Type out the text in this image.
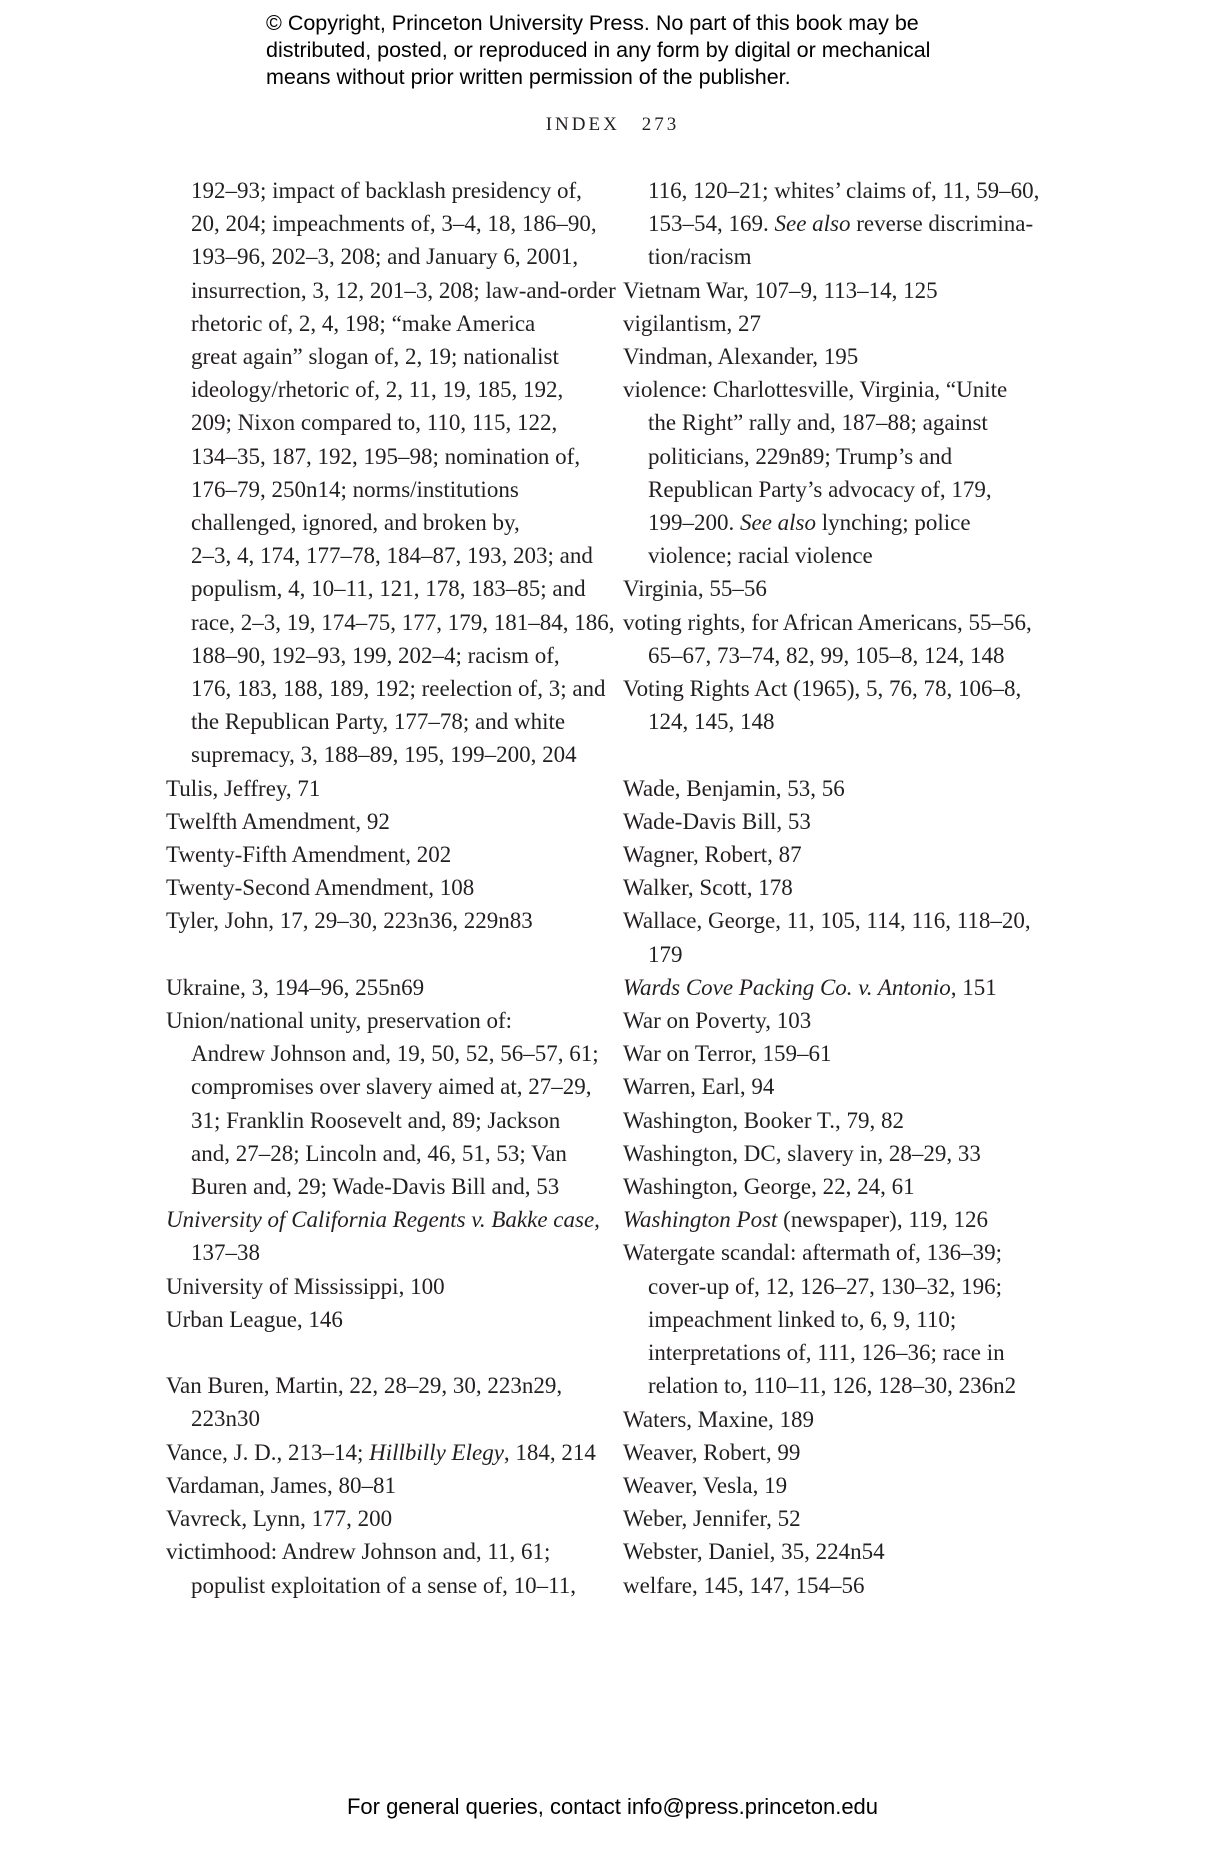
© Copyright, Princeton University Press. No part of this book may be
distributed, posted, or reproduced in any form by digital or mechanical
means without prior written permission of the publisher.
INDEX 273
192–93; impact of backlash presidency of,
20, 204; impeachments of, 3–4, 18, 186–90,
193–96, 202–3, 208; and January 6, 2001,
insurrection, 3, 12, 201–3, 208; law-and-order
rhetoric of, 2, 4, 198; “make America
great again” slogan of, 2, 19; nationalist
ideology/rhetoric of, 2, 11, 19, 185, 192,
209; Nixon compared to, 110, 115, 122,
134–35, 187, 192, 195–98; nomination of,
176–79, 250n14; norms/institutions
challenged, ignored, and broken by,
2–3, 4, 174, 177–78, 184–87, 193, 203; and
populism, 4, 10–11, 121, 178, 183–85; and
race, 2–3, 19, 174–75, 177, 179, 181–84, 186,
188–90, 192–93, 199, 202–4; racism of,
176, 183, 188, 189, 192; reelection of, 3; and
the Republican Party, 177–78; and white
supremacy, 3, 188–89, 195, 199–200, 204
Tulis, Jeffrey, 71
Twelfth Amendment, 92
Twenty-Fifth Amendment, 202
Twenty-Second Amendment, 108
Tyler, John, 17, 29–30, 223n36, 229n83
Ukraine, 3, 194–96, 255n69
Union/national unity, preservation of:
Andrew Johnson and, 19, 50, 52, 56–57, 61;
compromises over slavery aimed at, 27–29,
31; Franklin Roosevelt and, 89; Jackson
and, 27–28; Lincoln and, 46, 51, 53; Van
Buren and, 29; Wade-Davis Bill and, 53
University of California Regents v. Bakke case,
137–38
University of Mississippi, 100
Urban League, 146
Van Buren, Martin, 22, 28–29, 30, 223n29,
223n30
Vance, J. D., 213–14; Hillbilly Elegy, 184, 214
Vardaman, James, 80–81
Vavreck, Lynn, 177, 200
victimhood: Andrew Johnson and, 11, 61;
populist exploitation of a sense of, 10–11,
116, 120–21; whites’ claims of, 11, 59–60,
153–54, 169. See also reverse discrimina-
tion/racism
Vietnam War, 107–9, 113–14, 125
vigilantism, 27
Vindman, Alexander, 195
violence: Charlottesville, Virginia, “Unite
the Right” rally and, 187–88; against
politicians, 229n89; Trump’s and
Republican Party’s advocacy of, 179,
199–200. See also lynching; police
violence; racial violence
Virginia, 55–56
voting rights, for African Americans, 55–56,
65–67, 73–74, 82, 99, 105–8, 124, 148
Voting Rights Act (1965), 5, 76, 78, 106–8,
124, 145, 148
Wade, Benjamin, 53, 56
Wade-Davis Bill, 53
Wagner, Robert, 87
Walker, Scott, 178
Wallace, George, 11, 105, 114, 116, 118–20,
179
Wards Cove Packing Co. v. Antonio, 151
War on Poverty, 103
War on Terror, 159–61
Warren, Earl, 94
Washington, Booker T., 79, 82
Washington, DC, slavery in, 28–29, 33
Washington, George, 22, 24, 61
Washington Post (newspaper), 119, 126
Watergate scandal: aftermath of, 136–39;
cover-up of, 12, 126–27, 130–32, 196;
impeachment linked to, 6, 9, 110;
interpretations of, 111, 126–36; race in
relation to, 110–11, 126, 128–30, 236n2
Waters, Maxine, 189
Weaver, Robert, 99
Weaver, Vesla, 19
Weber, Jennifer, 52
Webster, Daniel, 35, 224n54
welfare, 145, 147, 154–56
For general queries, contact info@press.princeton.edu
